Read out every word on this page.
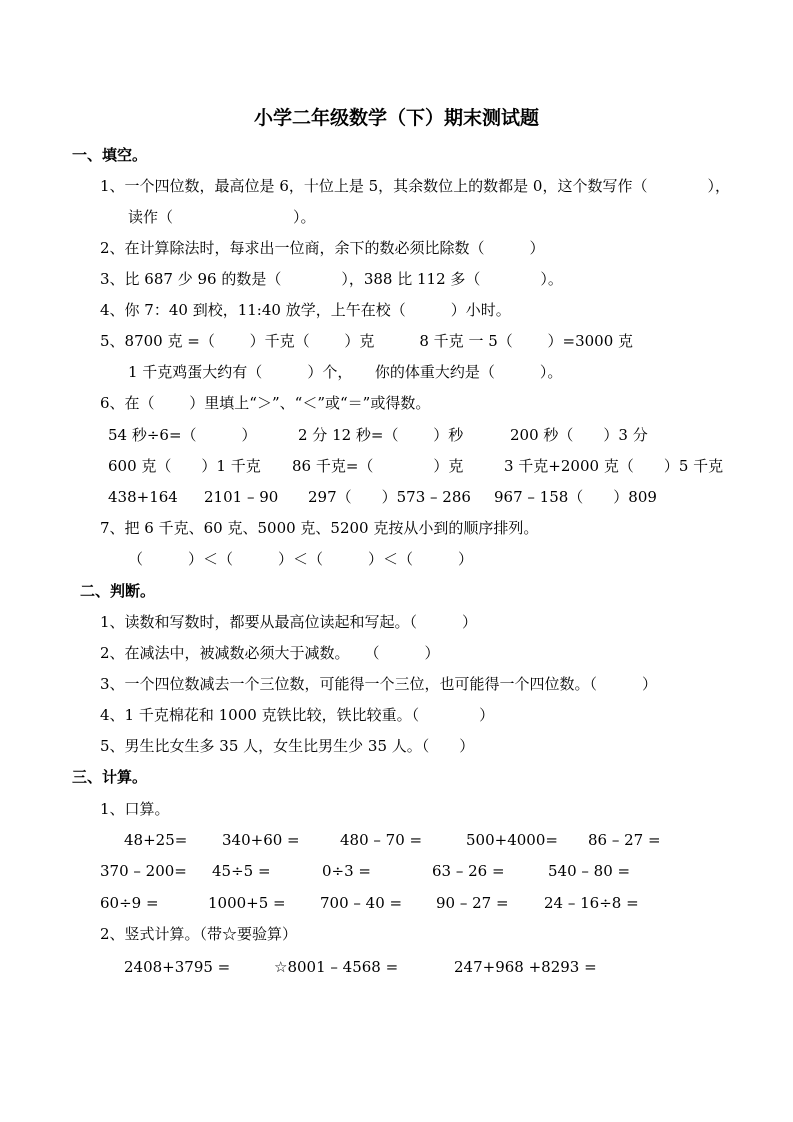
小学二年级数学（下）期末测试题
一、填空。
1、一个四位数，最高位是 6，十位上是 5，其余数位上的数都是 0，这个数写作（　　　　），
读作（　　　　　　　　）。
2、在计算除法时，每求出一位商，余下的数必须比除数（　　　）
3、比 687 少 96 的数是（　　　　），388 比 112 多（　　　　）。
4、你 7：40 到校，11:40 放学，上午在校（　　　）小时。
5、8700 克 =（　　 ）千克（　　 ）克　　　8 千克 一 5（　　 ）=3000 克
1 千克鸡蛋大约有（　　　）个，　　你的体重大约是（　　　）。
6、在（　　 ）里填上“＞”、“＜”或“＝”或得数。
54 秒÷6=（　　　）	2 分 12 秒=（　　 ）秒	200 秒（　　）3 分
600 克（　　）1 千克 86 千克=（　　　　）克	3 千克+2000 克（　　）5 千克
438+164 2101 – 90 297（　　）573 – 286 967 – 158（　　）809
7、把 6 千克、60 克、5000 克、5200 克按从小到的顺序排列。
（　　　）＜（　　　）＜（　　　）＜（　　　）
二、判断。
1、读数和写数时，都要从最高位读起和写起。（　　　）
2、在减法中，被减数必须大于减数。　　（　　　）
3、一个四位数减去一个三位数，可能得一个三位，也可能得一个四位数。（　　　）
4、1 千克棉花和 1000 克铁比较，铁比较重。（　　　　）
5、男生比女生多 35 人，女生比男生少 35 人。（　　）
三、计算。
1、口算。
48+25= 340+60 =	480 – 70 =	500+4000= 86 – 27 =
370 – 200= 45÷5 =	0÷3 =	63 – 26 =	540 – 80 =
60÷9 =	1000+5 = 700 – 40 = 90 – 27 = 24 – 16÷8 =
2、竖式计算。（带☆要验算）
2408+3795 =	☆8001 – 4568 =	247+968 +8293 =
